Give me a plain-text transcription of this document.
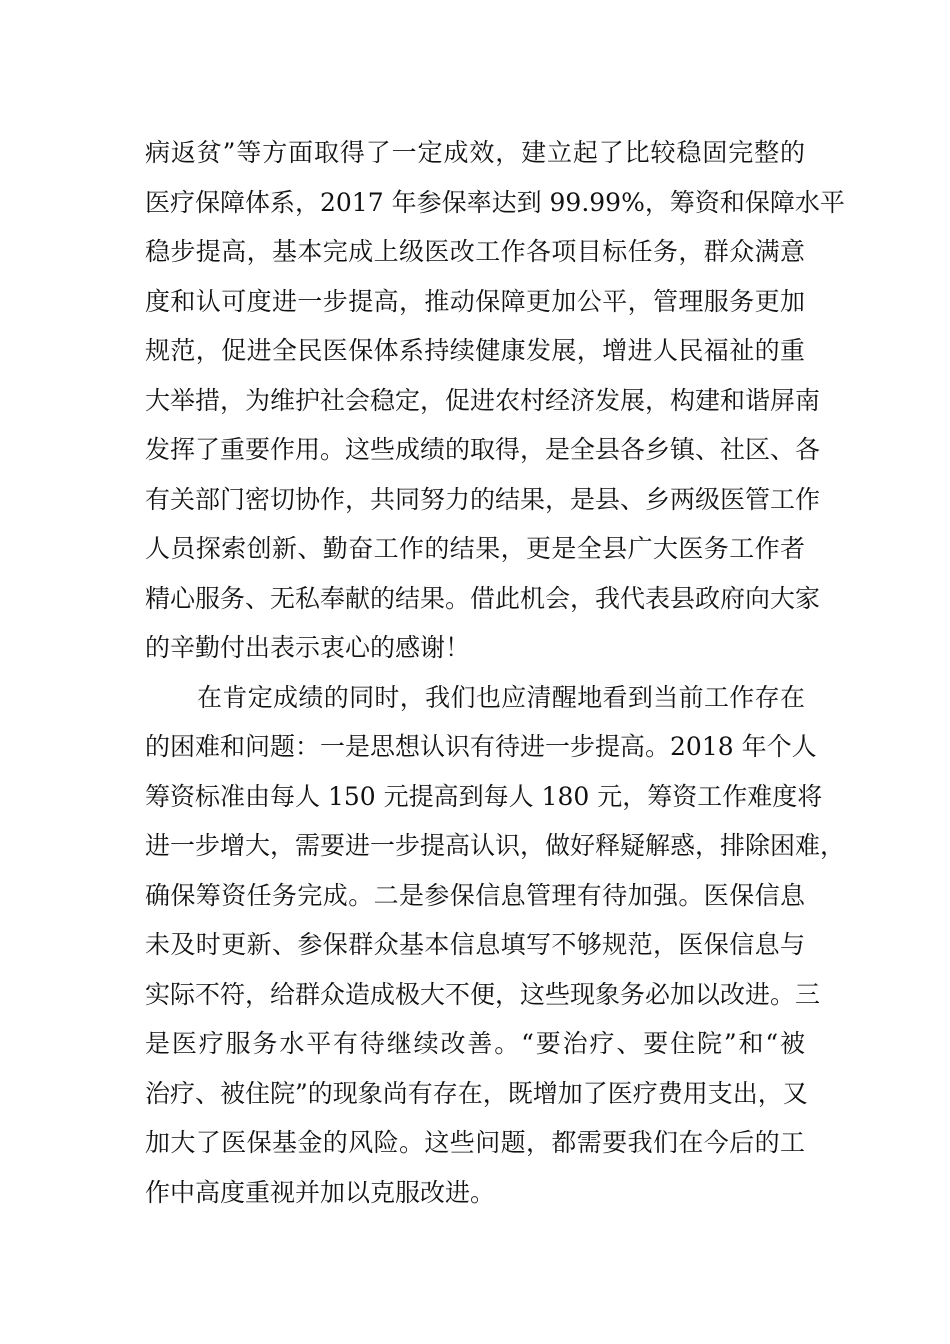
病返贫”等方面取得了一定成效，建立起了比较稳固完整的
医疗保障体系，2017 年参保率达到 99.99%，筹资和保障水平
稳步提高，基本完成上级医改工作各项目标任务，群众满意
度和认可度进一步提高，推动保障更加公平，管理服务更加
规范，促进全民医保体系持续健康发展，增进人民福祉的重
大举措，为维护社会稳定，促进农村经济发展，构建和谐屏南
发挥了重要作用。这些成绩的取得，是全县各乡镇、社区、各
有关部门密切协作，共同努力的结果，是县、乡两级医管工作
人员探索创新、勤奋工作的结果，更是全县广大医务工作者
精心服务、无私奉献的结果。借此机会，我代表县政府向大家
的辛勤付出表示衷心的感谢！
在肯定成绩的同时，我们也应清醒地看到当前工作存在
的困难和问题：一是思想认识有待进一步提高。2018 年个人
筹资标准由每人 150 元提高到每人 180 元，筹资工作难度将
进一步增大，需要进一步提高认识，做好释疑解惑，排除困难，
确保筹资任务完成。二是参保信息管理有待加强。医保信息
未及时更新、参保群众基本信息填写不够规范，医保信息与
实际不符，给群众造成极大不便，这些现象务必加以改进。三
是医疗服务水平有待继续改善。“要治疗、要住院”和“被
治疗、被住院”的现象尚有存在，既增加了医疗费用支出，又
加大了医保基金的风险。这些问题，都需要我们在今后的工
作中高度重视并加以克服改进。
